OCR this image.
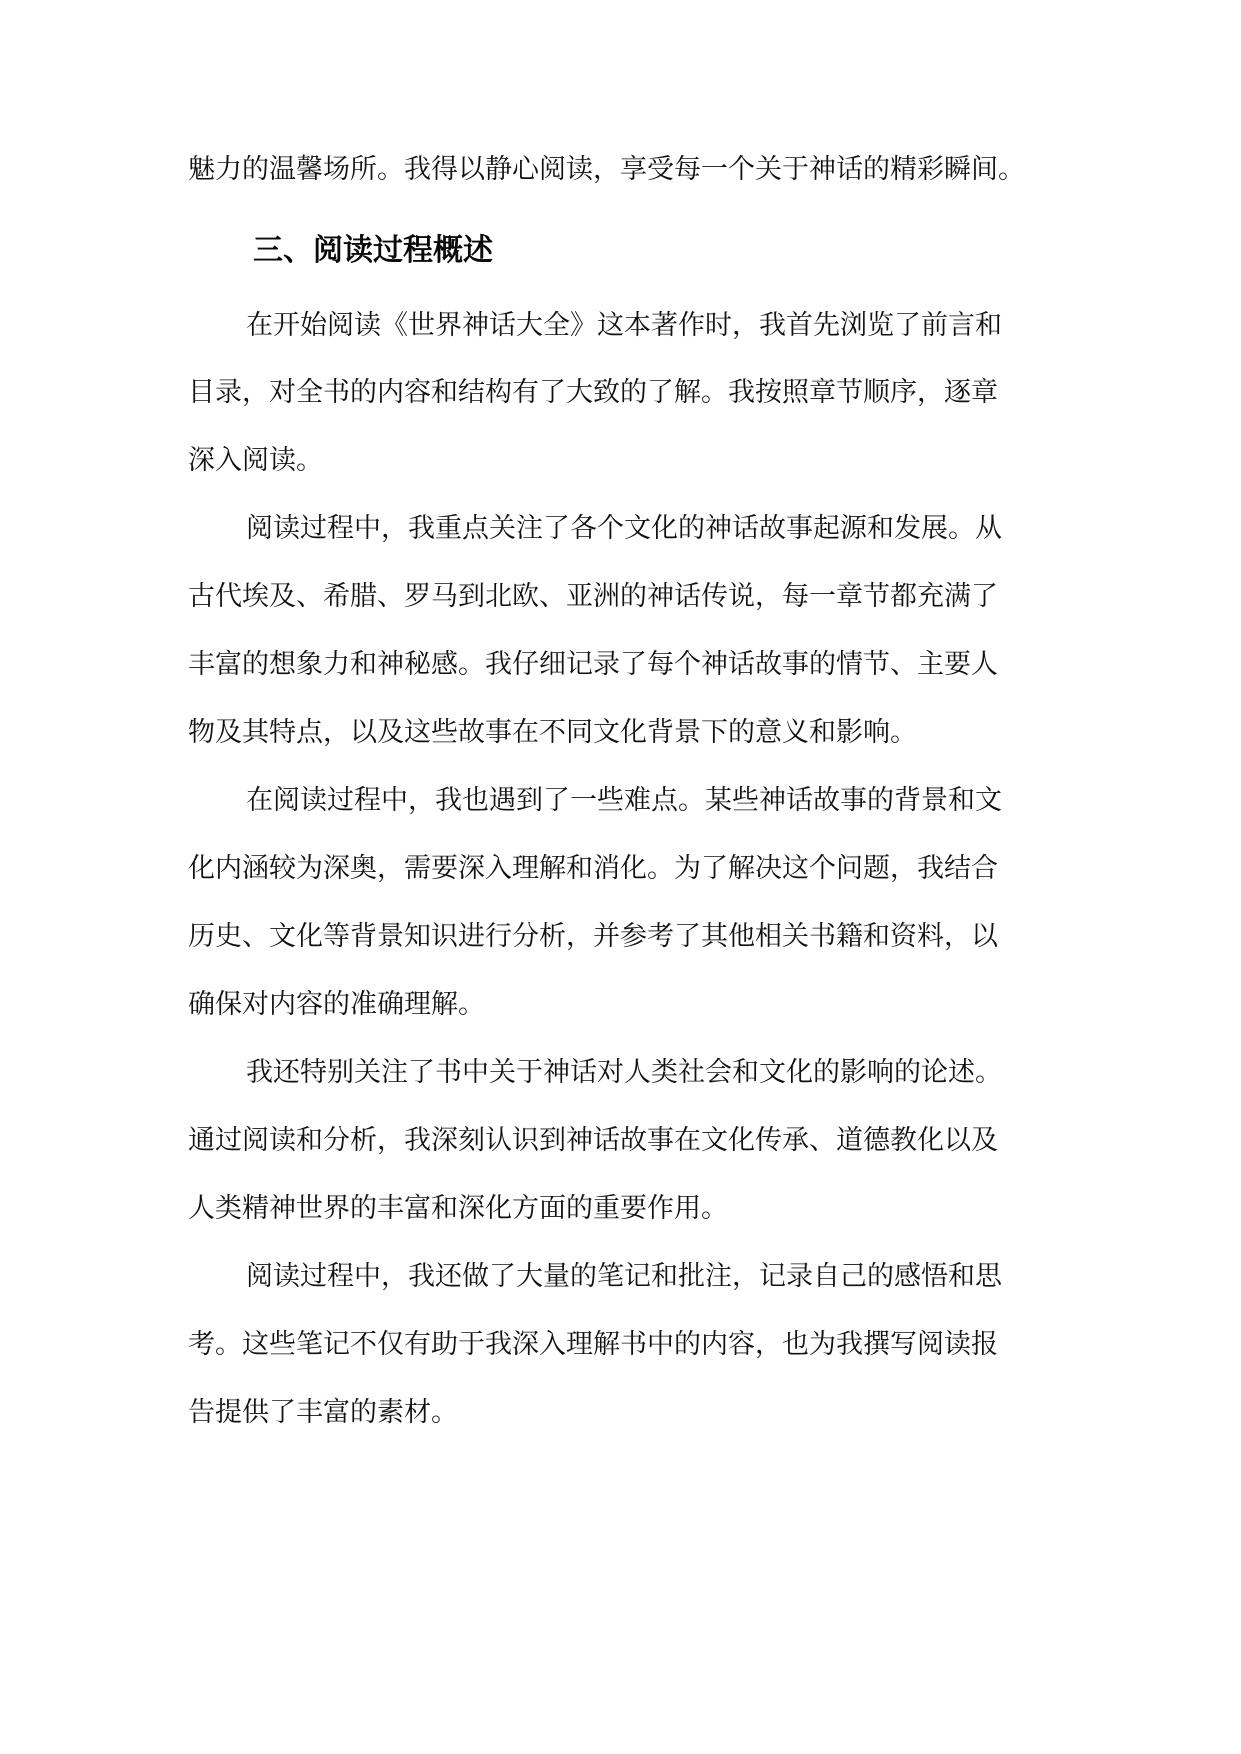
魅力的温馨场所。我得以静心阅读，享受每一个关于神话的精彩瞬间。

三、阅读过程概述

在开始阅读《世界神话大全》这本著作时，我首先浏览了前言和

目录，对全书的内容和结构有了大致的了解。我按照章节顺序，逐章

深入阅读。

阅读过程中，我重点关注了各个文化的神话故事起源和发展。从

古代埃及、希腊、罗马到北欧、亚洲的神话传说，每一章节都充满了

丰富的想象力和神秘感。我仔细记录了每个神话故事的情节、主要人

物及其特点，以及这些故事在不同文化背景下的意义和影响。

在阅读过程中，我也遇到了一些难点。某些神话故事的背景和文

化内涵较为深奥，需要深入理解和消化。为了解决这个问题，我结合

历史、文化等背景知识进行分析，并参考了其他相关书籍和资料，以

确保对内容的准确理解。

我还特别关注了书中关于神话对人类社会和文化的影响的论述。

通过阅读和分析，我深刻认识到神话故事在文化传承、道德教化以及

人类精神世界的丰富和深化方面的重要作用。

阅读过程中，我还做了大量的笔记和批注，记录自己的感悟和思

考。这些笔记不仅有助于我深入理解书中的内容，也为我撰写阅读报

告提供了丰富的素材。
